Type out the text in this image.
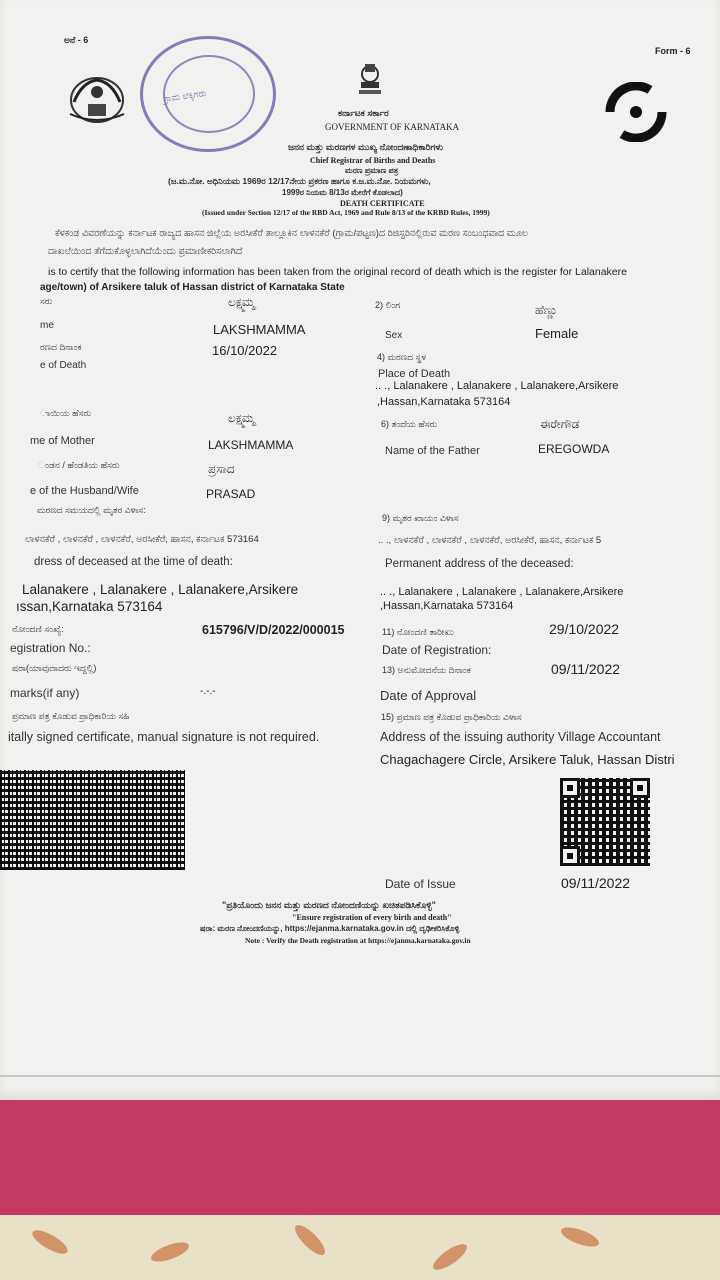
ಅನೆ - 6
Form - 6
ಗ್ರಾಮ ಲೆಕ್ಕಿಗರು
ಕರ್ನಾಟಕ ಸರ್ಕಾರ
GOVERNMENT OF KARNATAKA
ಜನನ ಮತ್ತು ಮರಣಗಳ ಮುಖ್ಯ ನೋಂದಣಾಧಿಕಾರಿಗಳು
Chief Registrar of Births and Deaths
ಮರಣ ಪ್ರಮಾಣ ಪತ್ರ
(ಜ.ಮ.ನೋ. ಅಧಿನಿಯಮ 1969ರ 12/17ನೇಯ ಪ್ರಕರಣ ಹಾಗೂ ಕ.ಜ.ಮ.ನೋ. ನಿಯಮಗಳು,
1999ರ ನಿಯಮ 8/13ರ ಮೇರೆಗೆ ಕೊಡಲಾದ)
DEATH CERTIFICATE
(Issued under Section 12/17 of the RBD Act, 1969 and Rule 8/13 of the KRBD Rules, 1999)
ಕೆಳಕಂಡ ವಿವರಣೆಯನ್ನು ಕರ್ನಾಟಕ ರಾಜ್ಯದ ಹಾಸನ ಜಿಲ್ಲೆಯ ಅರಸೀಕೆರೆ ತಾಲ್ಲೂಕಿನ ಲಾಳನಕೆರೆ (ಗ್ರಾಮ/ಪಟ್ಟಣ)ದ ರಿಜಿಸ್ಟರಿನಲ್ಲಿರುವ ಮರಣ ಸಂಬಂಧವಾದ ಮೂಲ
ದಾಖಲೆಯಿಂದ ತೆಗೆದುಕೊಳ್ಳಲಾಗಿದೆಯೆಂದು ಪ್ರಮಾಣೀಕರಿಸಲಾಗಿದೆ
is to certify that the following information has been taken from the original record of death which is the register for Lalanakere
age/town) of Arsikere taluk of Hassan district of Karnataka State
ಸರು	ಲಕ್ಷ್ಮಮ್ಮ	2) ಲಿಂಗ	ಹೆಣ್ಣು
me	LAKSHMAMMA	Sex	Female
ರಣದ ದಿನಾಂಕ	16/10/2022	4) ಮರಣದ ಸ್ಥಳ
e of Death
Place of Death
.. ., Lalanakere , Lalanakere , Lalanakere,Arsikere
,Hassan,Karnataka 573164
ಾಯಿಯ ಹೆಸರು	ಲಕ್ಷ್ಮಮ್ಮ	6) ತಂದೆಯ ಹೆಸರು	ಈರೇಗೌಡ
me of Mother	LAKSHMAMMA	Name of the Father	EREGOWDA
ಂಡನ / ಹೆಂಡತಿಯ ಹೆಸರು	ಪ್ರಸಾದ
e of the Husband/Wife	PRASAD
ಮರಣದ ಸಮಯದಲ್ಲಿ ಮೃತರ ವಿಳಾಸ:
9) ಮೃತರ ಖಾಯಂ ವಿಳಾಸ
ಲಾಳನಕೆರೆ , ಲಾಳನಕೆರೆ , ಲಾಳನಕೆರೆ, ಅರಸೀಕೆರೆ, ಹಾಸನ, ಕರ್ನಾಟಕ 573164	.. ., ಲಾಳನಕೆರೆ , ಲಾಳನಕೆರೆ , ಲಾಳನಕೆರೆ, ಅರಸೀಕೆರೆ, ಹಾಸನ, ಕರ್ನಾಟಕ 5
dress of deceased at the time of death:	Permanent address of the deceased:
Lalanakere , Lalanakere , Lalanakere,Arsikere
ıssan,Karnataka 573164
.. ., Lalanakere , Lalanakere , Lalanakere,Arsikere
,Hassan,Karnataka 573164
ನೋಂದಣಿ ಸಂಖ್ಯೆ:	615796/V/D/2022/000015	11) ನೋಂದಣಿ ತಾರೀಖು	29/10/2022
egistration No.:	Date of Registration:
ಷರಾ(ಯಾವುದಾದರು ಇದ್ದಲ್ಲಿ)	13) ಅನುಮೋದನೆಯ ದಿನಾಂಕ	09/11/2022
marks(if any)	-.-.-	Date of Approval
ಪ್ರಮಾಣ ಪತ್ರ ಕೊಡುವ ಪ್ರಾಧಿಕಾರಿಯ ಸಹಿ	15) ಪ್ರಮಾಣ ಪತ್ರ ಕೊಡುವ ಪ್ರಾಧಿಕಾರಿಯ ವಿಳಾಸ
itally signed certificate, manual signature is not required.	Address of the issuing authority Village Accountant
Chagachagere Circle, Arsikere Taluk, Hassan Distri
Date of Issue	09/11/2022
"ಪ್ರತಿಯೊಂದು ಜನನ ಮತ್ತು ಮರಣದ ನೋಂದಣಿಯನ್ನು ಖಚಿತಪಡಿಸಿಕೊಳ್ಳಿ"
"Ensure registration of every birth and death"
ಷರಾ: ಮರಣ ನೋಂದಣಿಯನ್ನು, https://ejanma.karnataka.gov.in ದಲ್ಲಿ ದೃಢೀಕರಿಸಿಕೊಳ್ಳಿ
Note : Verify the Death registration at https://ejanma.karnataka.gov.in
